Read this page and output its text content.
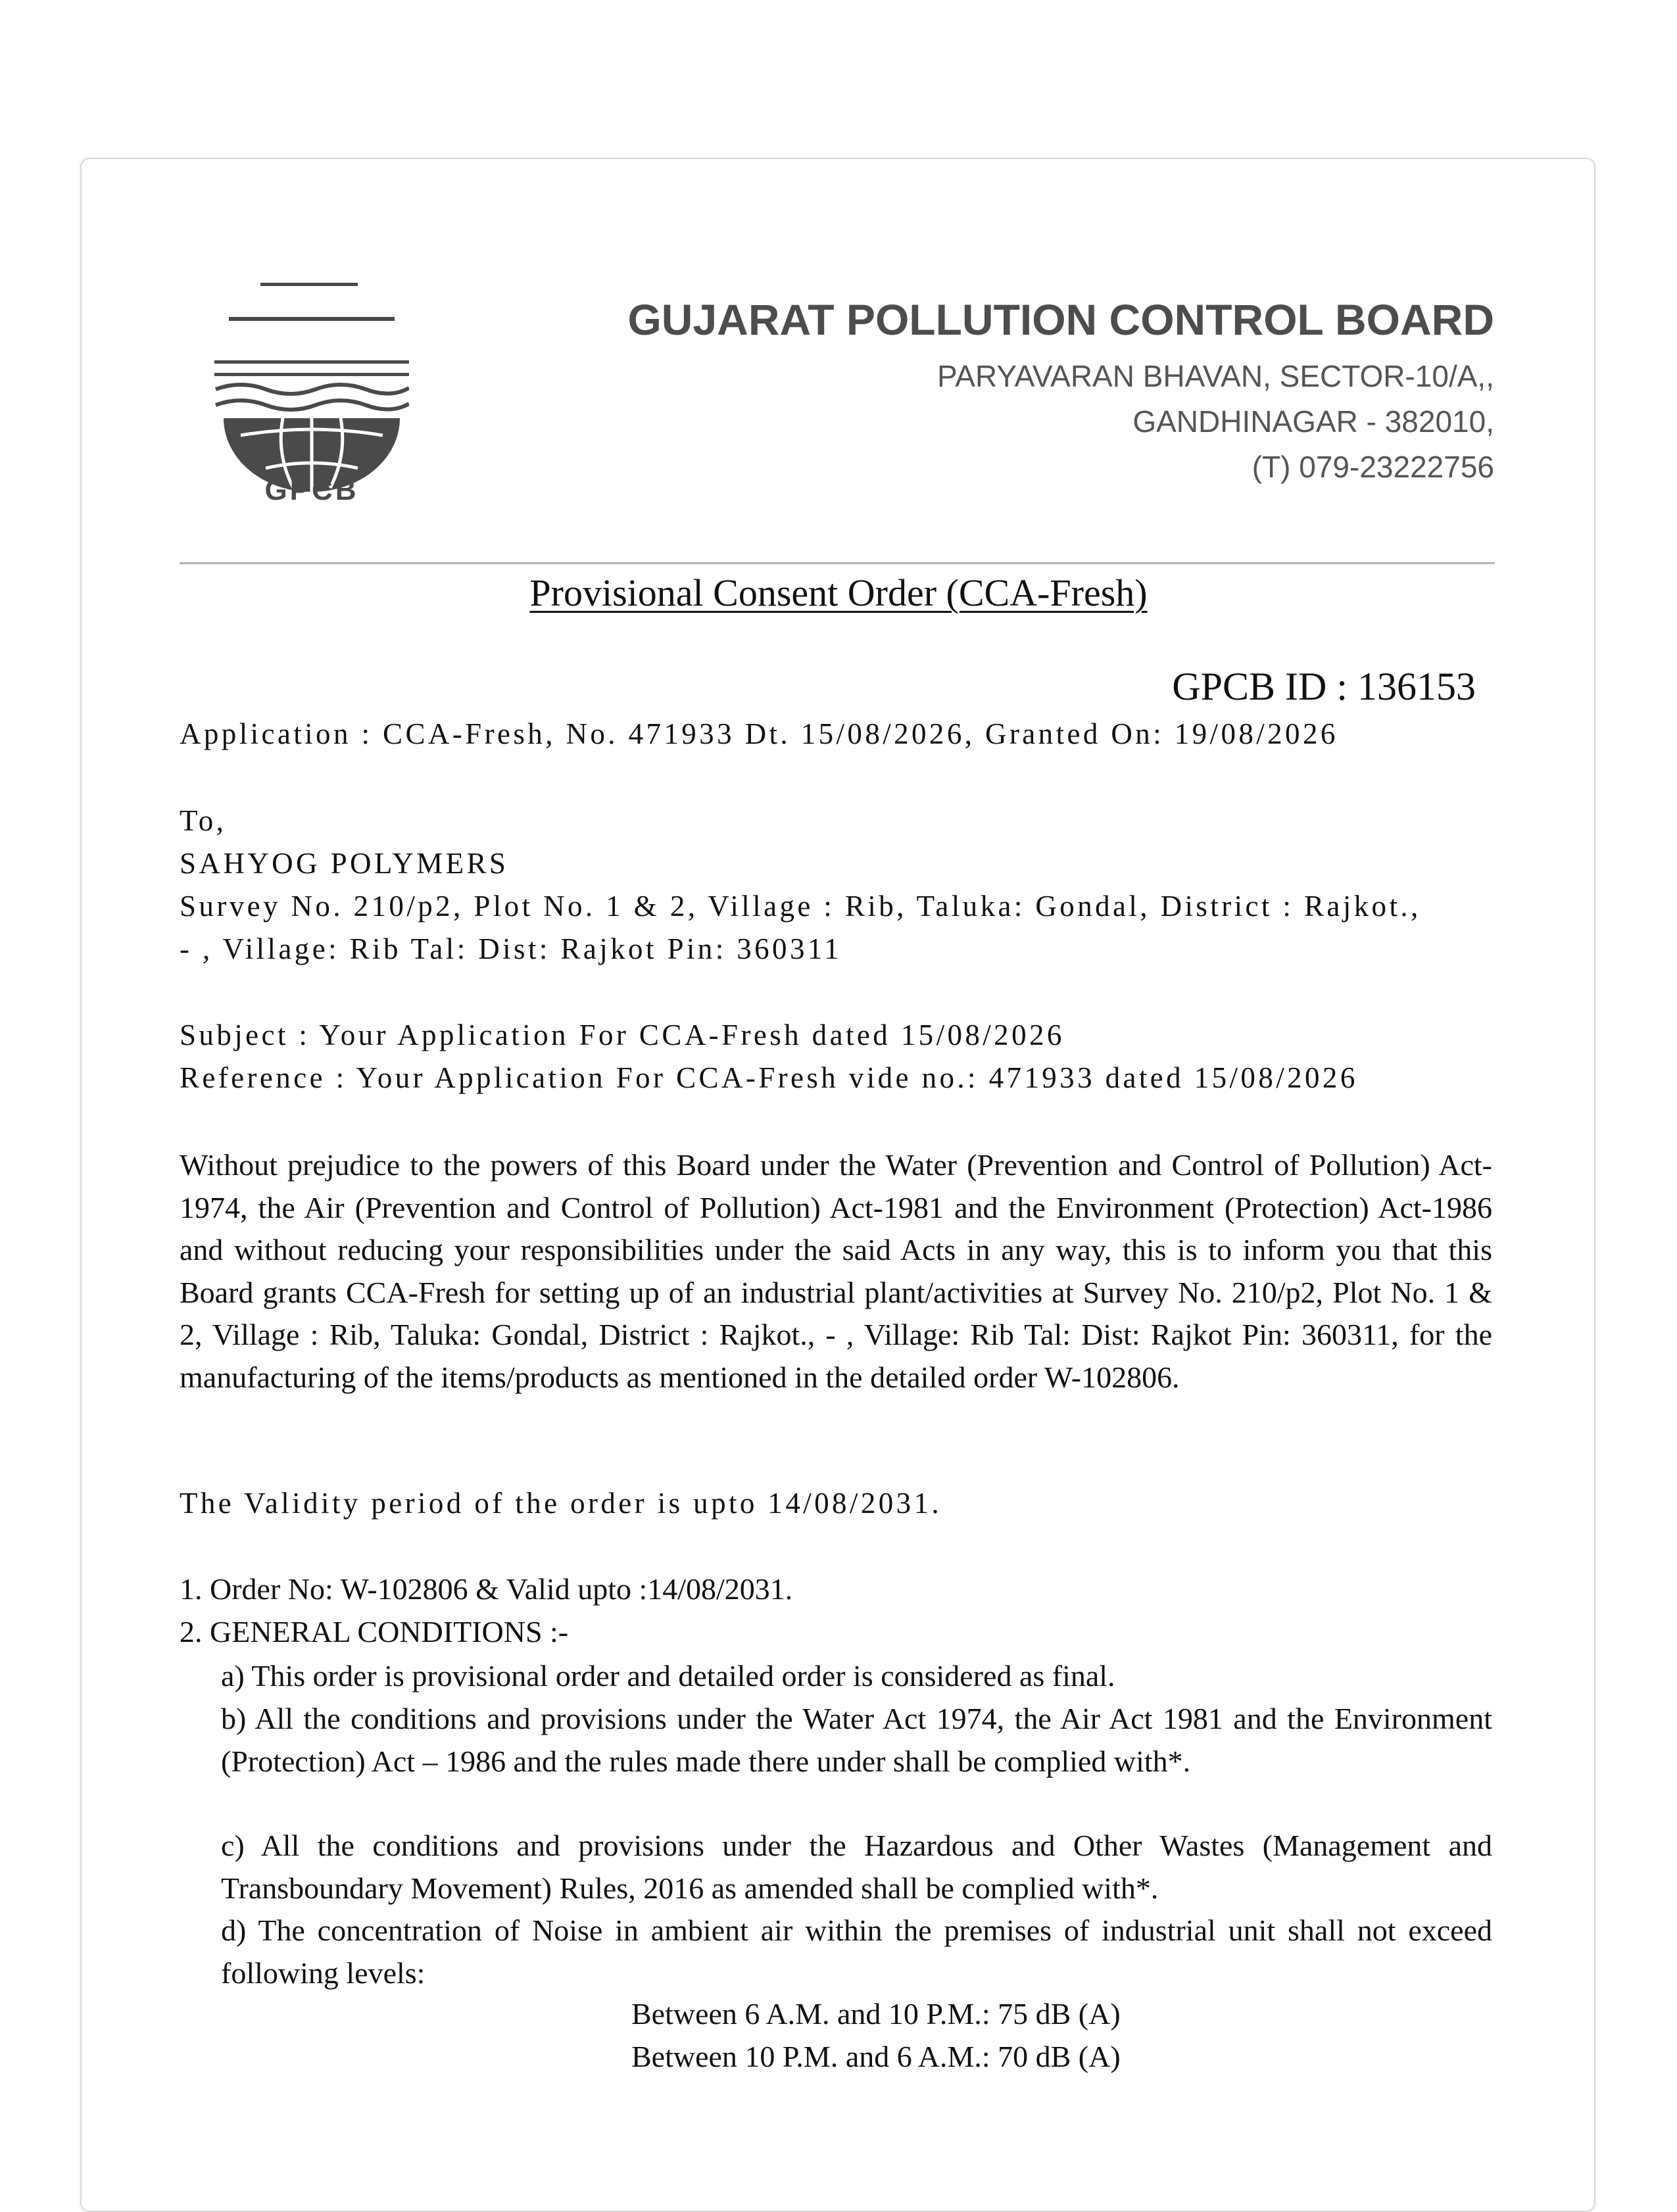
GPCB
GUJARAT POLLUTION CONTROL BOARD
PARYAVARAN BHAVAN, SECTOR-10/A,,
GANDHINAGAR - 382010,
(T) 079-23222756
Provisional Consent Order (CCA-Fresh)
GPCB ID : 136153
Application : CCA-Fresh, No. 471933 Dt. 15/08/2026, Granted On: 19/08/2026
To,
SAHYOG POLYMERS
Survey No. 210/p2, Plot No. 1 & 2, Village : Rib, Taluka: Gondal, District : Rajkot.,
- , Village: Rib Tal: Dist: Rajkot Pin: 360311
Subject : Your Application For CCA-Fresh dated 15/08/2026
Reference : Your Application For CCA-Fresh vide no.: 471933 dated 15/08/2026
Without prejudice to the powers of this Board under the Water (Prevention and Control of Pollution) Act-1974, the Air (Prevention and Control of Pollution) Act-1981 and the Environment (Protection) Act-1986 and without reducing your responsibilities under the said Acts in any way, this is to inform you that this Board grants CCA-Fresh for setting up of an industrial plant/activities at Survey No. 210/p2, Plot No. 1 & 2, Village : Rib, Taluka: Gondal, District : Rajkot., - , Village: Rib Tal: Dist: Rajkot Pin: 360311, for the manufacturing of the items/products as mentioned in the detailed order W-102806.
The Validity period of the order is upto 14/08/2031.
1. Order No: W-102806 & Valid upto :14/08/2031.
2. GENERAL CONDITIONS :-
a) This order is provisional order and detailed order is considered as final.
b) All the conditions and provisions under the Water Act 1974, the Air Act 1981 and the Environment (Protection) Act – 1986 and the rules made there under shall be complied with*.
c) All the conditions and provisions under the Hazardous and Other Wastes (Management and Transboundary Movement) Rules, 2016 as amended shall be complied with*.
d) The concentration of Noise in ambient air within the premises of industrial unit shall not exceed following levels:
Between 6 A.M. and 10 P.M.: 75 dB (A)
Between 10 P.M. and 6 A.M.: 70 dB (A)
